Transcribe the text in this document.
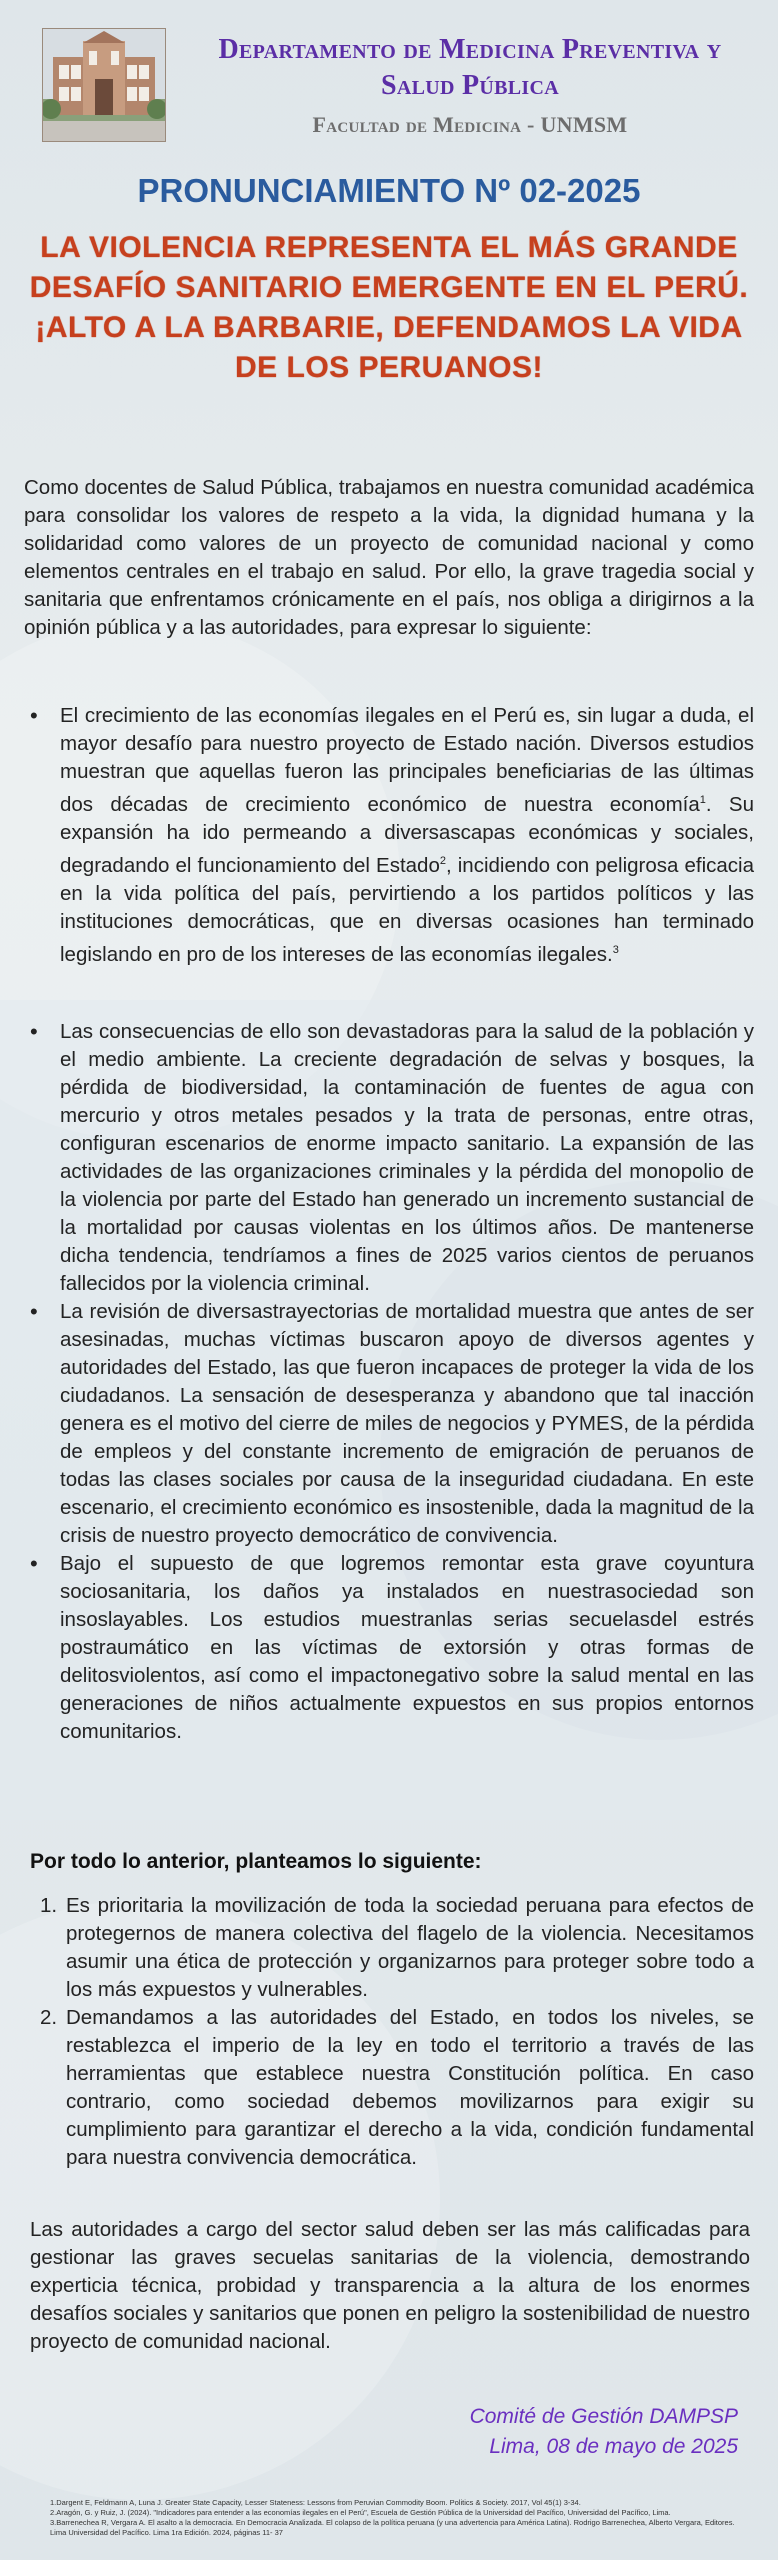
Departamento de Medicina Preventiva y Salud Pública
Facultad de Medicina - UNMSM
PRONUNCIAMIENTO Nº 02-2025
LA VIOLENCIA REPRESENTA EL MÁS GRANDE DESAFÍO SANITARIO EMERGENTE EN EL PERÚ.
¡ALTO A LA BARBARIE, DEFENDAMOS LA VIDA DE LOS PERUANOS!
Como docentes de Salud Pública, trabajamos en nuestra comunidad académica para consolidar los valores de respeto a la vida, la dignidad humana y la solidaridad como valores de un proyecto de comunidad nacional y como elementos centrales en el trabajo en salud. Por ello, la grave tragedia social y sanitaria que enfrentamos crónicamente en el país, nos obliga a dirigirnos a la opinión pública y a las autoridades, para expresar lo siguiente:
• El crecimiento de las economías ilegales en el Perú es, sin lugar a duda, el mayor desafío para nuestro proyecto de Estado nación. Diversos estudios muestran que aquellas fueron las principales beneficiarias de las últimas dos décadas de crecimiento económico de nuestra economía$^1$. Su expansión ha ido permeando a diversascapas económicas y sociales, degradando el funcionamiento del Estado$^2$, incidiendo con peligrosa eficacia en la vida política del país, pervirtiendo a los partidos políticos y las instituciones democráticas, que en diversas ocasiones han terminado legislando en pro de los intereses de las economías ilegales.$^3$
• Las consecuencias de ello son devastadoras para la salud de la población y el medio ambiente. La creciente degradación de selvas y bosques, la pérdida de biodiversidad, la contaminación de fuentes de agua con mercurio y otros metales pesados y la trata de personas, entre otras, configuran escenarios de enorme impacto sanitario. La expansión de las actividades de las organizaciones criminales y la pérdida del monopolio de la violencia por parte del Estado han generado un incremento sustancial de la mortalidad por causas violentas en los últimos años. De mantenerse dicha tendencia, tendríamos a fines de 2025 varios cientos de peruanos fallecidos por la violencia criminal.
• La revisión de diversastrayectorias de mortalidad muestra que antes de ser asesinadas, muchas víctimas buscaron apoyo de diversos agentes y autoridades del Estado, las que fueron incapaces de proteger la vida de los ciudadanos. La sensación de desesperanza y abandono que tal inacción genera es el motivo del cierre de miles de negocios y PYMES, de la pérdida de empleos y del constante incremento de emigración de peruanos de todas las clases sociales por causa de la inseguridad ciudadana. En este escenario, el crecimiento económico es insostenible, dada la magnitud de la crisis de nuestro proyecto democrático de convivencia.
• Bajo el supuesto de que logremos remontar esta grave coyuntura sociosanitaria, los daños ya instalados en nuestrasociedad son insoslayables. Los estudios muestranlas serias secuelasdel estrés postraumático en las víctimas de extorsión y otras formas de delitosviolentos, así como el impactonegativo sobre la salud mental en las generaciones de niños actualmente expuestos en sus propios entornos comunitarios.
Por todo lo anterior, planteamos lo siguiente:
1. Es prioritaria la movilización de toda la sociedad peruana para efectos de protegernos de manera colectiva del flagelo de la violencia. Necesitamos asumir una ética de protección y organizarnos para proteger sobre todo a los más expuestos y vulnerables.
2. Demandamos a las autoridades del Estado, en todos los niveles, se restablezca el imperio de la ley en todo el territorio a través de las herramientas que establece nuestra Constitución política. En caso contrario, como sociedad debemos movilizarnos para exigir su cumplimiento para garantizar el derecho a la vida, condición fundamental para nuestra convivencia democrática.
Las autoridades a cargo del sector salud deben ser las más calificadas para gestionar las graves secuelas sanitarias de la violencia, demostrando experticia técnica, probidad y transparencia a la altura de los enormes desafíos sociales y sanitarios que ponen en peligro la sostenibilidad de nuestro proyecto de comunidad nacional.
Comité de Gestión DAMPSP
Lima, 08 de mayo de 2025
1.Dargent E, Feldmann A, Luna J. Greater State Capacity, Lesser Stateness: Lessons from Peruvian Commodity Boom. Politics & Society. 2017, Vol 45(1) 3-34.
2.Aragón, G. y Ruiz, J. (2024). "Indicadores para entender a las economías ilegales en el Perú", Escuela de Gestión Pública de la Universidad del Pacífico, Universidad del Pacífico, Lima.
3.Barrenechea R, Vergara A. El asalto a la democracia. En Democracia Analizada. El colapso de la política peruana (y una advertencia para América Latina). Rodrigo Barrenechea, Alberto Vergara, Editores. Lima Universidad del Pacífico. Lima 1ra Edición. 2024, páginas 11- 37
